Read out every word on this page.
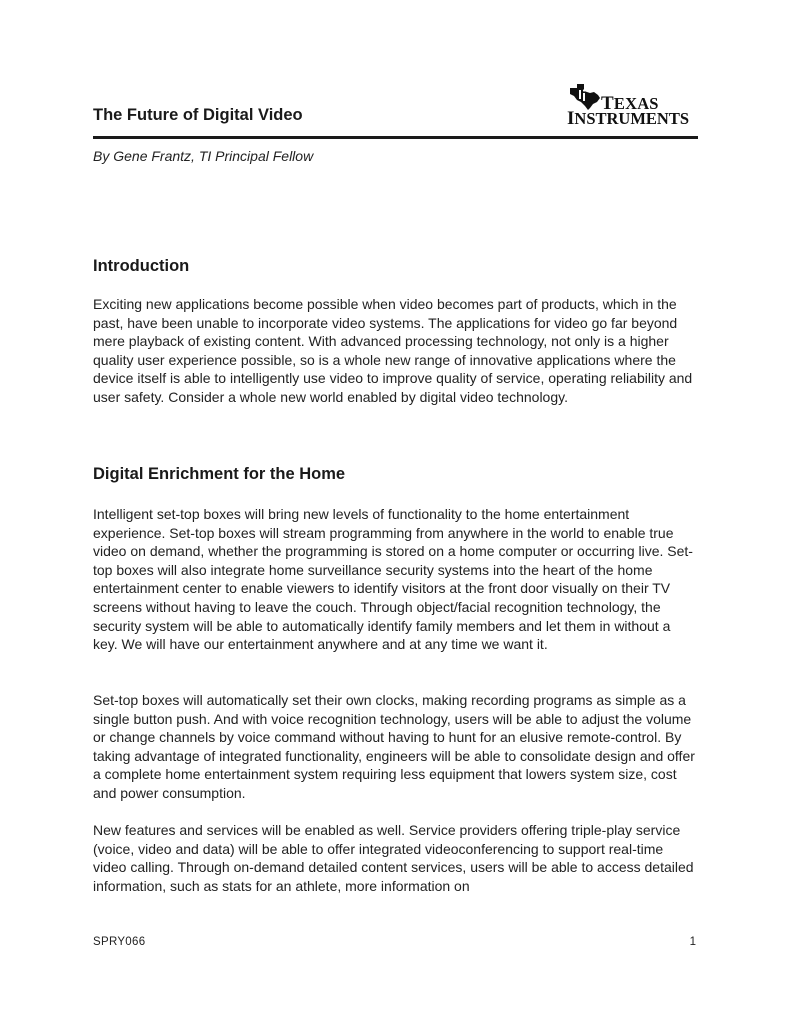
The Future of Digital Video
TEXAS
INSTRUMENTS

By Gene Frantz, TI Principal Fellow

Introduction

Exciting new applications become possible when video becomes part of products, which in the past, have been unable to incorporate video systems. The applications for video go far beyond mere playback of existing content. With advanced processing technology, not only is a higher quality user experience possible, so is a whole new range of innovative applications where the device itself is able to intelligently use video to improve quality of service, operating reliability and user safety. Consider a whole new world enabled by digital video technology.

Digital Enrichment for the Home

Intelligent set-top boxes will bring new levels of functionality to the home entertainment experience. Set-top boxes will stream programming from anywhere in the world to enable true video on demand, whether the programming is stored on a home computer or occurring live. Set-top boxes will also integrate home surveillance security systems into the heart of the home entertainment center to enable viewers to identify visitors at the front door visually on their TV screens without having to leave the couch. Through object/facial recognition technology, the security system will be able to automatically identify family members and let them in without a key. We will have our entertainment anywhere and at any time we want it.

Set-top boxes will automatically set their own clocks, making recording programs as simple as a single button push. And with voice recognition technology, users will be able to adjust the volume or change channels by voice command without having to hunt for an elusive remote-control. By taking advantage of integrated functionality, engineers will be able to consolidate design and offer a complete home entertainment system requiring less equipment that lowers system size, cost and power consumption.

New features and services will be enabled as well. Service providers offering triple-play service (voice, video and data) will be able to offer integrated videoconferencing to support real-time video calling. Through on-demand detailed content services, users will be able to access detailed information, such as stats for an athlete, more information on

SPRY066	1
